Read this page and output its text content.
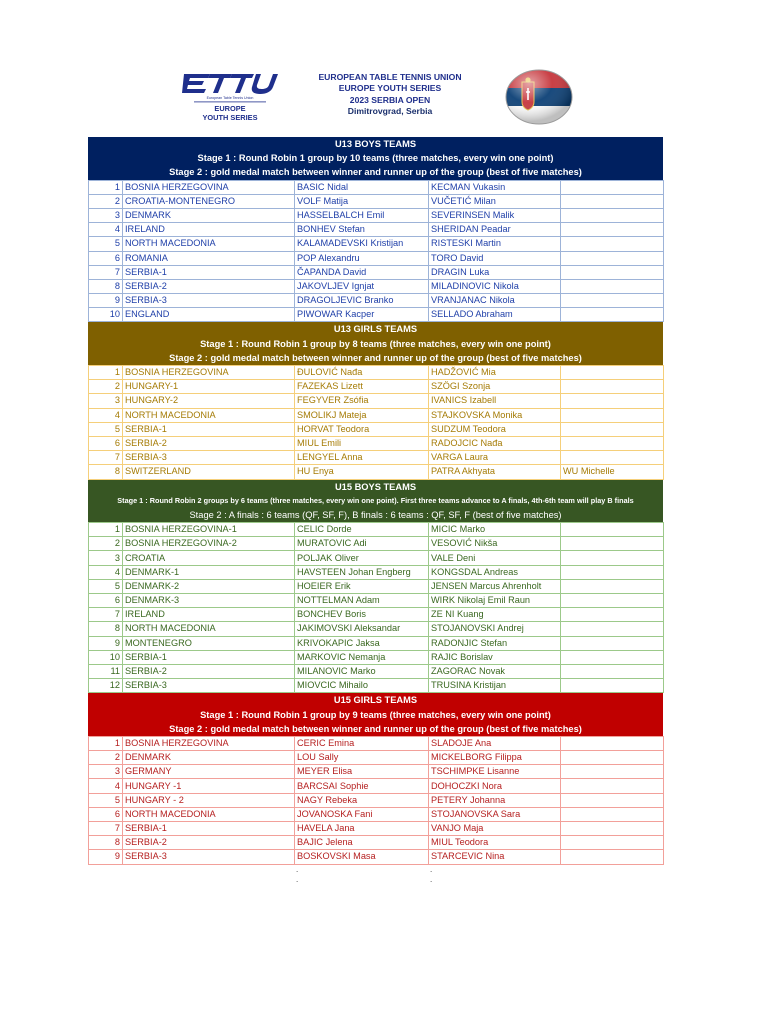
European Table Tennis Union
EUROPE
YOUTH SERIES
EUROPEAN TABLE TENNIS UNION
EUROPE YOUTH SERIES
2023 SERBIA OPEN
Dimitrovgrad, Serbia
U13 BOYS TEAMS
Stage 1 : Round Robin 1 group by 10 teams (three matches, every win one point)
Stage 2 : gold medal match between winner and runner up of the group (best of five matches)
1	BOSNIA HERZEGOVINA	BASIC Nidal	KECMAN Vukasin	
2	CROATIA-MONTENEGRO	VOLF Matija	VUČETIĆ Milan	
3	DENMARK	HASSELBALCH Emil	SEVERINSEN Malik	
4	IRELAND	BONHEV Stefan	SHERIDAN Peadar	
5	NORTH MACEDONIA	KALAMADEVSKI Kristijan	RISTESKI Martin	
6	ROMANIA	POP Alexandru	TORO David	
7	SERBIA-1	ČAPANDA David	DRAGIN Luka	
8	SERBIA-2	JAKOVLJEV Ignjat	MILADINOVIC Nikola	
9	SERBIA-3	DRAGOLJEVIC Branko	VRANJANAC Nikola	
10	ENGLAND	PIWOWAR Kacper	SELLADO Abraham	
U13 GIRLS TEAMS
Stage 1 : Round Robin 1 group by 8 teams (three matches, every win one point)
Stage 2 : gold medal match between winner and runner up of the group (best of five matches)
1	BOSNIA HERZEGOVINA	ĐULOVIĆ Nađa	HADŽOVIĆ Mia	
2	HUNGARY-1	FAZEKAS Lizett	SZÖGI Szonja	
3	HUNGARY-2	FEGYVER Zsófia	IVANICS Izabell	
4	NORTH MACEDONIA	SMOLIKJ Mateja	STAJKOVSKA Monika	
5	SERBIA-1	HORVAT Teodora	SUDZUM Teodora	
6	SERBIA-2	MIUL Emili	RADOJCIC Nađa	
7	SERBIA-3	LENGYEL Anna	VARGA Laura	
8	SWITZERLAND	HU Enya	PATRA Akhyata	WU Michelle
U15 BOYS TEAMS
Stage 1 : Round Robin 2 groups by 6 teams (three matches, every win one point). First three teams advance to A finals, 4th-6th team will play B finals
Stage 2 : A finals : 6 teams (QF, SF, F), B finals : 6 teams : QF, SF, F (best of five matches)
1	BOSNIA HERZEGOVINA-1	CELIC Dorde	MICIC Marko	
2	BOSNIA HERZEGOVINA-2	MURATOVIC Adi	VESOVIĆ Nikša	
3	CROATIA	POLJAK Oliver	VALE Deni	
4	DENMARK-1	HAVSTEEN Johan Engberg	KONGSDAL Andreas	
5	DENMARK-2	HOEIER Erik	JENSEN Marcus Ahrenholt	
6	DENMARK-3	NOTTELMAN Adam	WIRK Nikolaj Emil Raun	
7	IRELAND	BONCHEV Boris	ZE NI Kuang	
8	NORTH MACEDONIA	JAKIMOVSKI Aleksandar	STOJANOVSKI Andrej	
9	MONTENEGRO	KRIVOKAPIC Jaksa	RADONJIC Stefan	
10	SERBIA-1	MARKOVIC Nemanja	RAJIC Borislav	
11	SERBIA-2	MILANOVIC Marko	ZAGORAC Novak	
12	SERBIA-3	MIOVCIC Mihailo	TRUSINA Kristijan	
U15 GIRLS TEAMS
Stage 1 : Round Robin 1 group by 9 teams (three matches, every win one point)
Stage 2 : gold medal match between winner and runner up of the group (best of five matches)
1	BOSNIA HERZEGOVINA	CERIC Emina	SLADOJE Ana	
2	DENMARK	LOU Sally	MICKELBORG Filippa	
3	GERMANY	MEYER Elisa	TSCHIMPKE Lisanne	
4	HUNGARY -1	BARCSAI Sophie	DOHOCZKI Nora	
5	HUNGARY - 2	NAGY Rebeka	PETERY Johanna	
6	NORTH MACEDONIA	JOVANOSKA Fani	STOJANOVSKA Sara	
7	SERBIA-1	HAVELA Jana	VANJO Maja	
8	SERBIA-2	BAJIC Jelena	MIUL Teodora	
9	SERBIA-3	BOSKOVSKI Masa	STARCEVIC Nina	
.
.
.
.
